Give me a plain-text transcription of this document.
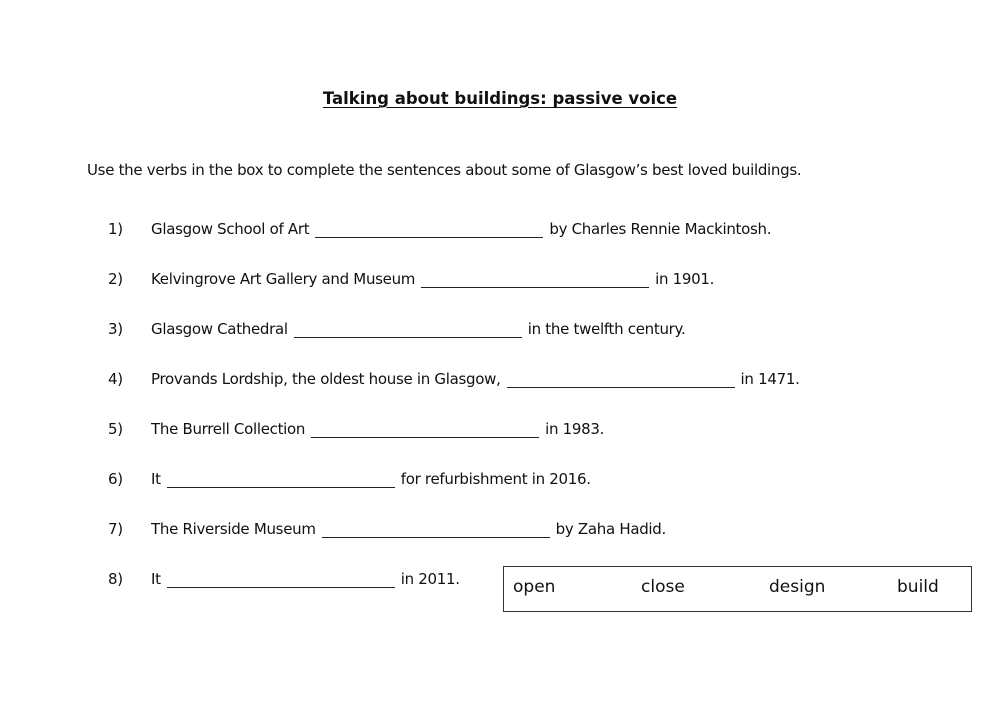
Talking about buildings: passive voice
Use the verbs in the box to complete the sentences about some of Glasgow’s best loved buildings.
1)	Glasgow School of Art	by Charles Rennie Mackintosh.
2)	Kelvingrove Art Gallery and Museum	in 1901.
3)	Glasgow Cathedral	in the twelfth century.
4)	Provands Lordship, the oldest house in Glasgow,	in 1471.
5)	The Burrell Collection	in 1983.
6)	It	for refurbishment in 2016.
7)	The Riverside Museum	by Zaha Hadid.
8)	It	in 2011.	open	close	design	build
